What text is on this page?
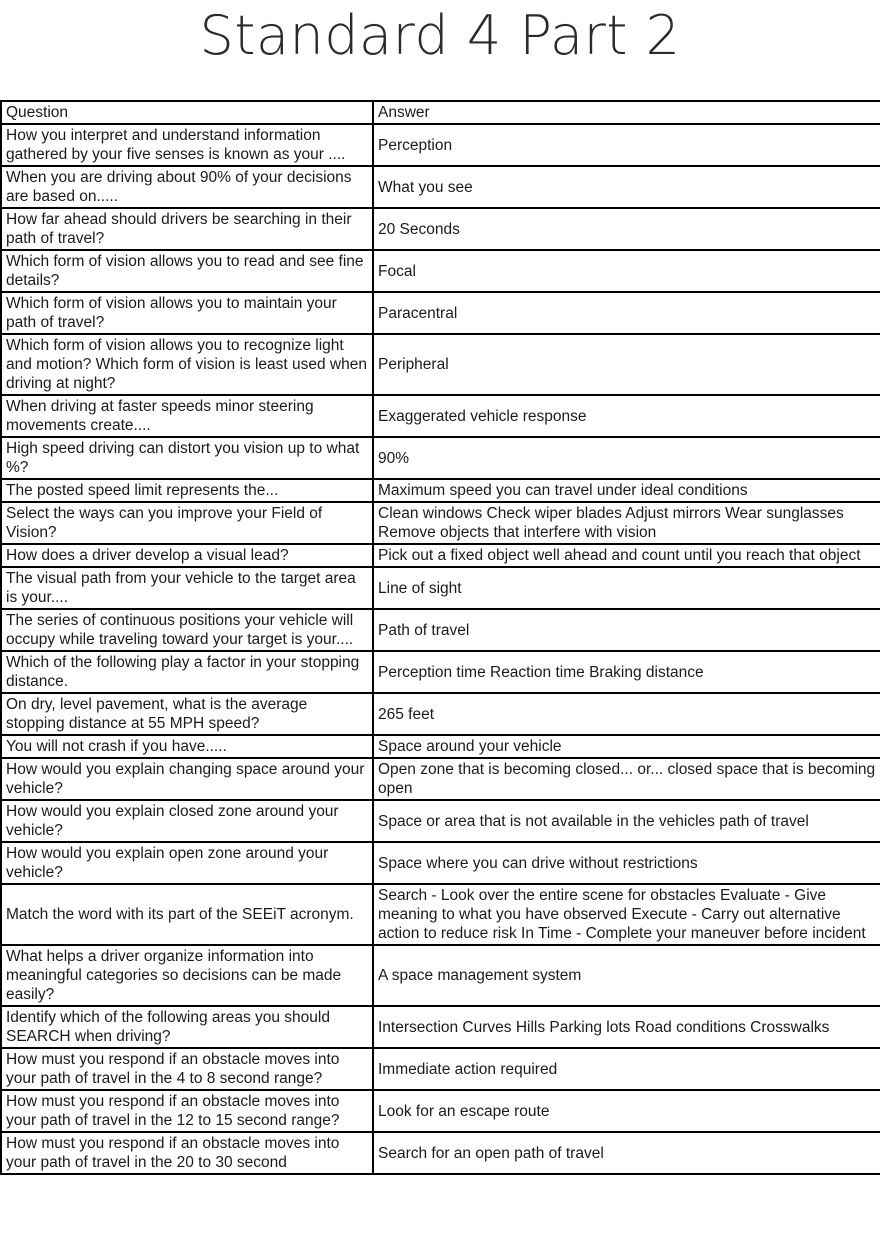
Standard 4 Part 2
Question	Answer
How you interpret and understand information gathered by your five senses is known as your ....	Perception
When you are driving about 90% of your decisions are based on.....	What you see
How far ahead should drivers be searching in their path of travel?	20 Seconds
Which form of vision allows you to read and see fine details?	Focal
Which form of vision allows you to maintain your path of travel?	Paracentral
Which form of vision allows you to recognize light and motion? Which form of vision is least used when driving at night?	Peripheral
When driving at faster speeds minor steering movements create....	Exaggerated vehicle response
High speed driving can distort you vision up to what %?	90%
The posted speed limit represents the...	Maximum speed you can travel under ideal conditions
Select the ways can you improve your Field of Vision?	Clean windows Check wiper blades Adjust mirrors Wear sunglasses Remove objects that interfere with vision
How does a driver develop a visual lead?	Pick out a fixed object well ahead and count until you reach that object
The visual path from your vehicle to the target area is your....	Line of sight
The series of continuous positions your vehicle will occupy while traveling toward your target is your....	Path of travel
Which of the following play a factor in your stopping distance.	Perception time Reaction time Braking distance
On dry, level pavement, what is the average stopping distance at 55 MPH speed?	265 feet
You will not crash if you have.....	Space around your vehicle
How would you explain changing space around your vehicle?	Open zone that is becoming closed... or... closed space that is becoming open
How would you explain closed zone around your vehicle?	Space or area that is not available in the vehicles path of travel
How would you explain open zone around your vehicle?	Space where you can drive without restrictions
Match the word with its part of the SEEiT acronym.	Search - Look over the entire scene for obstacles Evaluate - Give meaning to what you have observed Execute - Carry out alternative action to reduce risk In Time - Complete your maneuver before incident
What helps a driver organize information into meaningful categories so decisions can be made easily?	A space management system
Identify which of the following areas you should SEARCH when driving?	Intersection Curves Hills Parking lots Road conditions Crosswalks
How must you respond if an obstacle moves into your path of travel in the 4 to 8 second range?	Immediate action required
How must you respond if an obstacle moves into your path of travel in the 12 to 15 second range?	Look for an escape route
How must you respond if an obstacle moves into your path of travel in the 20 to 30 second	Search for an open path of travel
